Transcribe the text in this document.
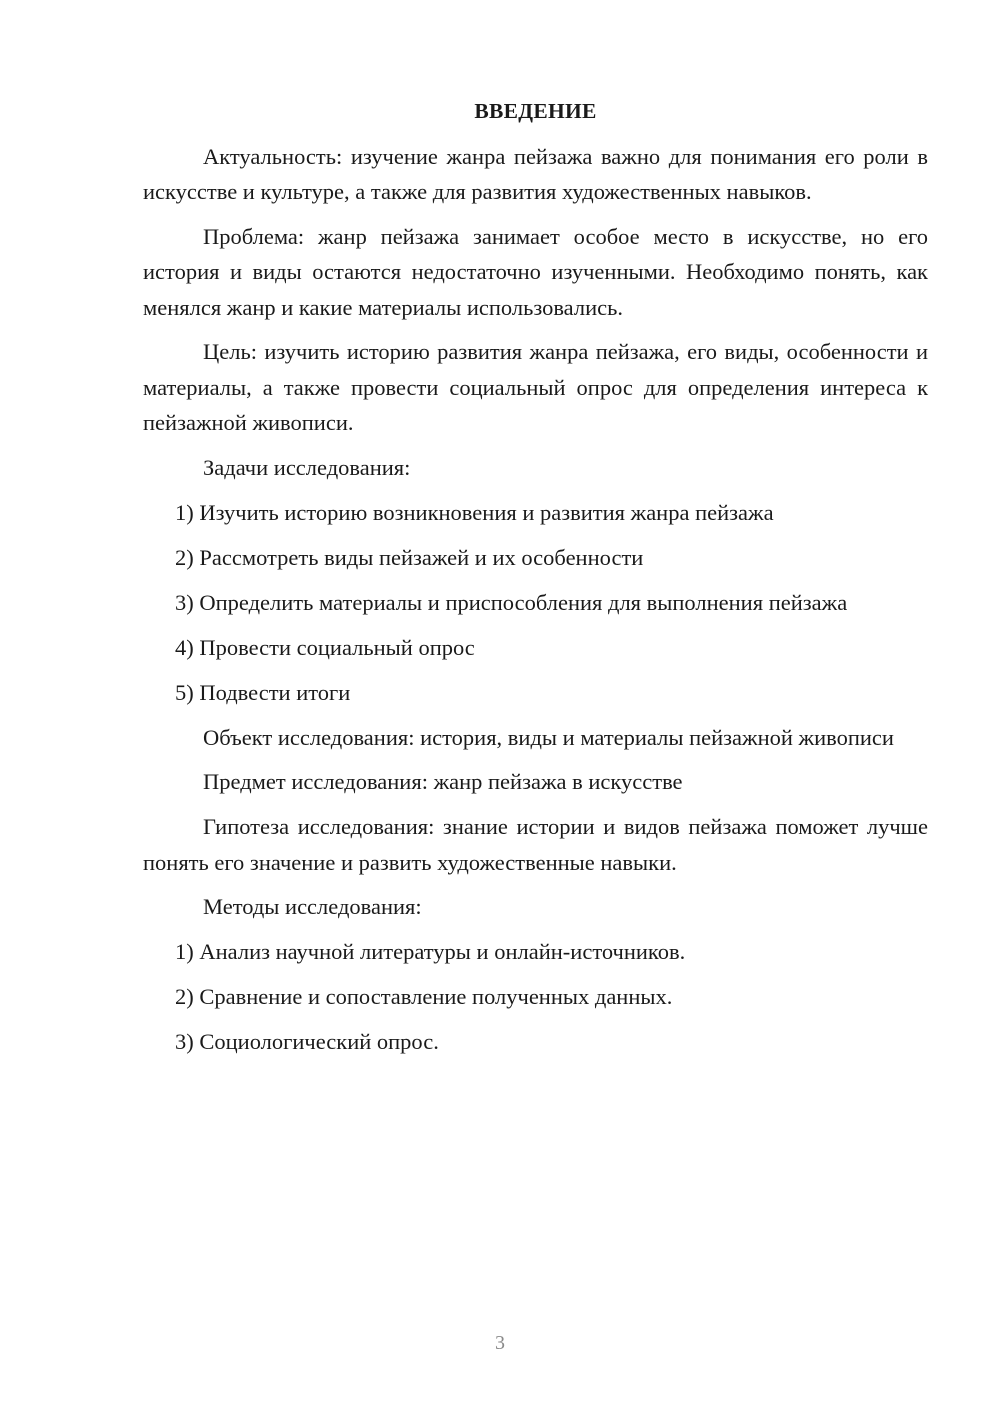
ВВЕДЕНИЕ

Актуальность: изучение жанра пейзажа важно для понимания его роли в искусстве и культуре, а также для развития художественных навыков.

Проблема: жанр пейзажа занимает особое место в искусстве, но его история и виды остаются недостаточно изученными. Необходимо понять, как менялся жанр и какие материалы использовались.

Цель: изучить историю развития жанра пейзажа, его виды, особенности и материалы, а также провести социальный опрос для определения интереса к пейзажной живописи.

Задачи исследования:

1) Изучить историю возникновения и развития жанра пейзажа

2) Рассмотреть виды пейзажей и их особенности

3) Определить материалы и приспособления для выполнения пейзажа

4) Провести социальный опрос

5) Подвести итоги

Объект исследования: история, виды и материалы пейзажной живописи

Предмет исследования: жанр пейзажа в искусстве

Гипотеза исследования: знание истории и видов пейзажа поможет лучше понять его значение и развить художественные навыки.

Методы исследования:

1) Анализ научной литературы и онлайн-источников.

2) Сравнение и сопоставление полученных данных.

3) Социологический опрос.

3
